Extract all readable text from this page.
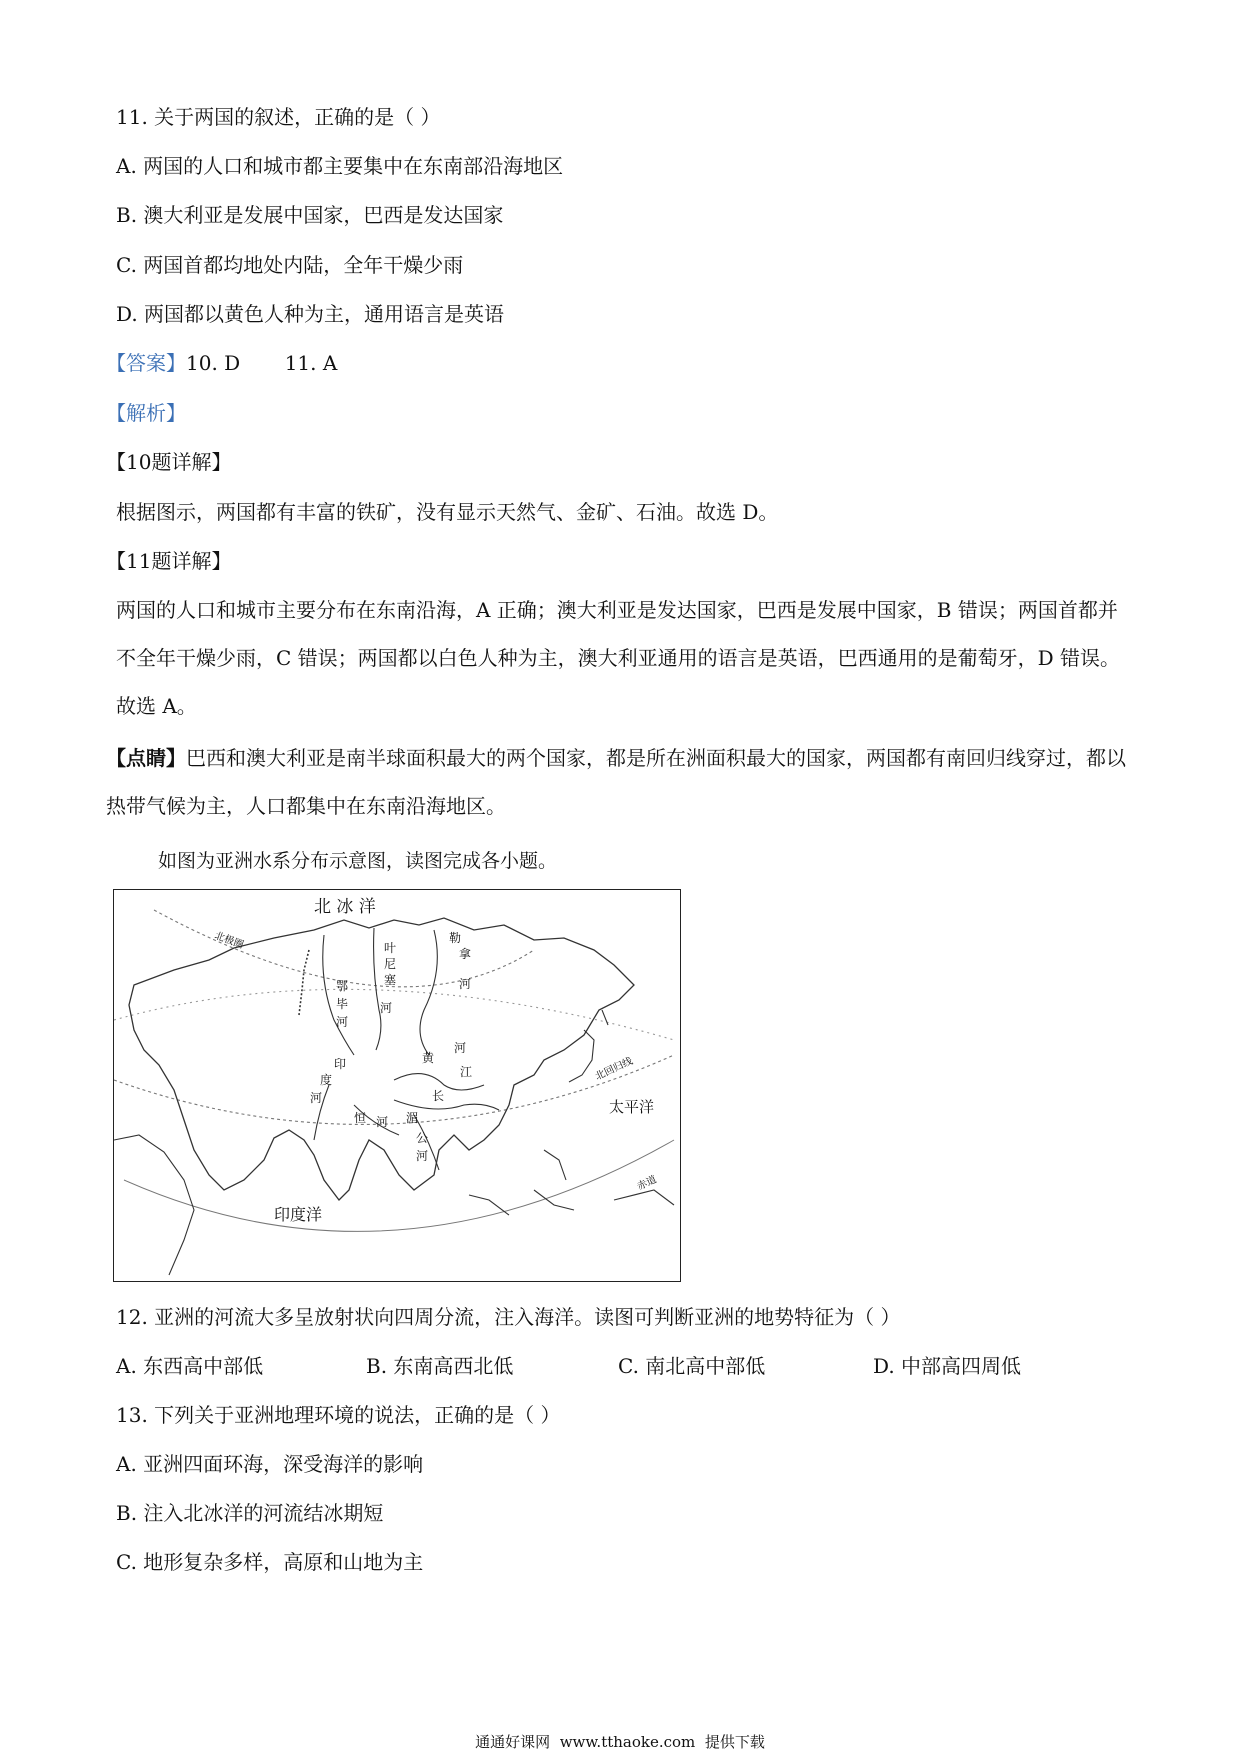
11. 关于两国的叙述，正确的是（ ）
A. 两国的人口和城市都主要集中在东南部沿海地区
B. 澳大利亚是发展中国家，巴西是发达国家
C. 两国首都均地处内陆，全年干燥少雨
D. 两国都以黄色人种为主，通用语言是英语
【答案】10. D       11. A
【解析】
【10题详解】
根据图示，两国都有丰富的铁矿，没有显示天然气、金矿、石油。故选 D。
【11题详解】
两国的人口和城市主要分布在东南沿海，A 正确；澳大利亚是发达国家，巴西是发展中国家，B 错误；两国首都并不全年干燥少雨，C 错误；两国都以白色人种为主，澳大利亚通用的语言是英语，巴西通用的是葡萄牙，D 错误。故选 A。
【点睛】巴西和澳大利亚是南半球面积最大的两个国家，都是所在洲面积最大的国家，两国都有南回归线穿过，都以热带气候为主，人口都集中在东南沿海地区。
如图为亚洲水系分布示意图，读图完成各小题。
北 冰 洋
太平洋
印度洋
北回归线
赤道
北极圈
鄂
毕
河
叶
尼
塞
河
勒
拿
河
黄
河
长
江
印
度
河
恒 河 湄
公
河
12. 亚洲的河流大多呈放射状向四周分流，注入海洋。读图可判断亚洲的地势特征为（ ）
A. 东西高中部低	B. 东南高西北低	C. 南北高中部低	D. 中部高四周低
13. 下列关于亚洲地理环境的说法，正确的是（ ）
A. 亚洲四面环海，深受海洋的影响
B. 注入北冰洋的河流结冰期短
C. 地形复杂多样，高原和山地为主
通通好课网  www.tthaoke.com  提供下载
